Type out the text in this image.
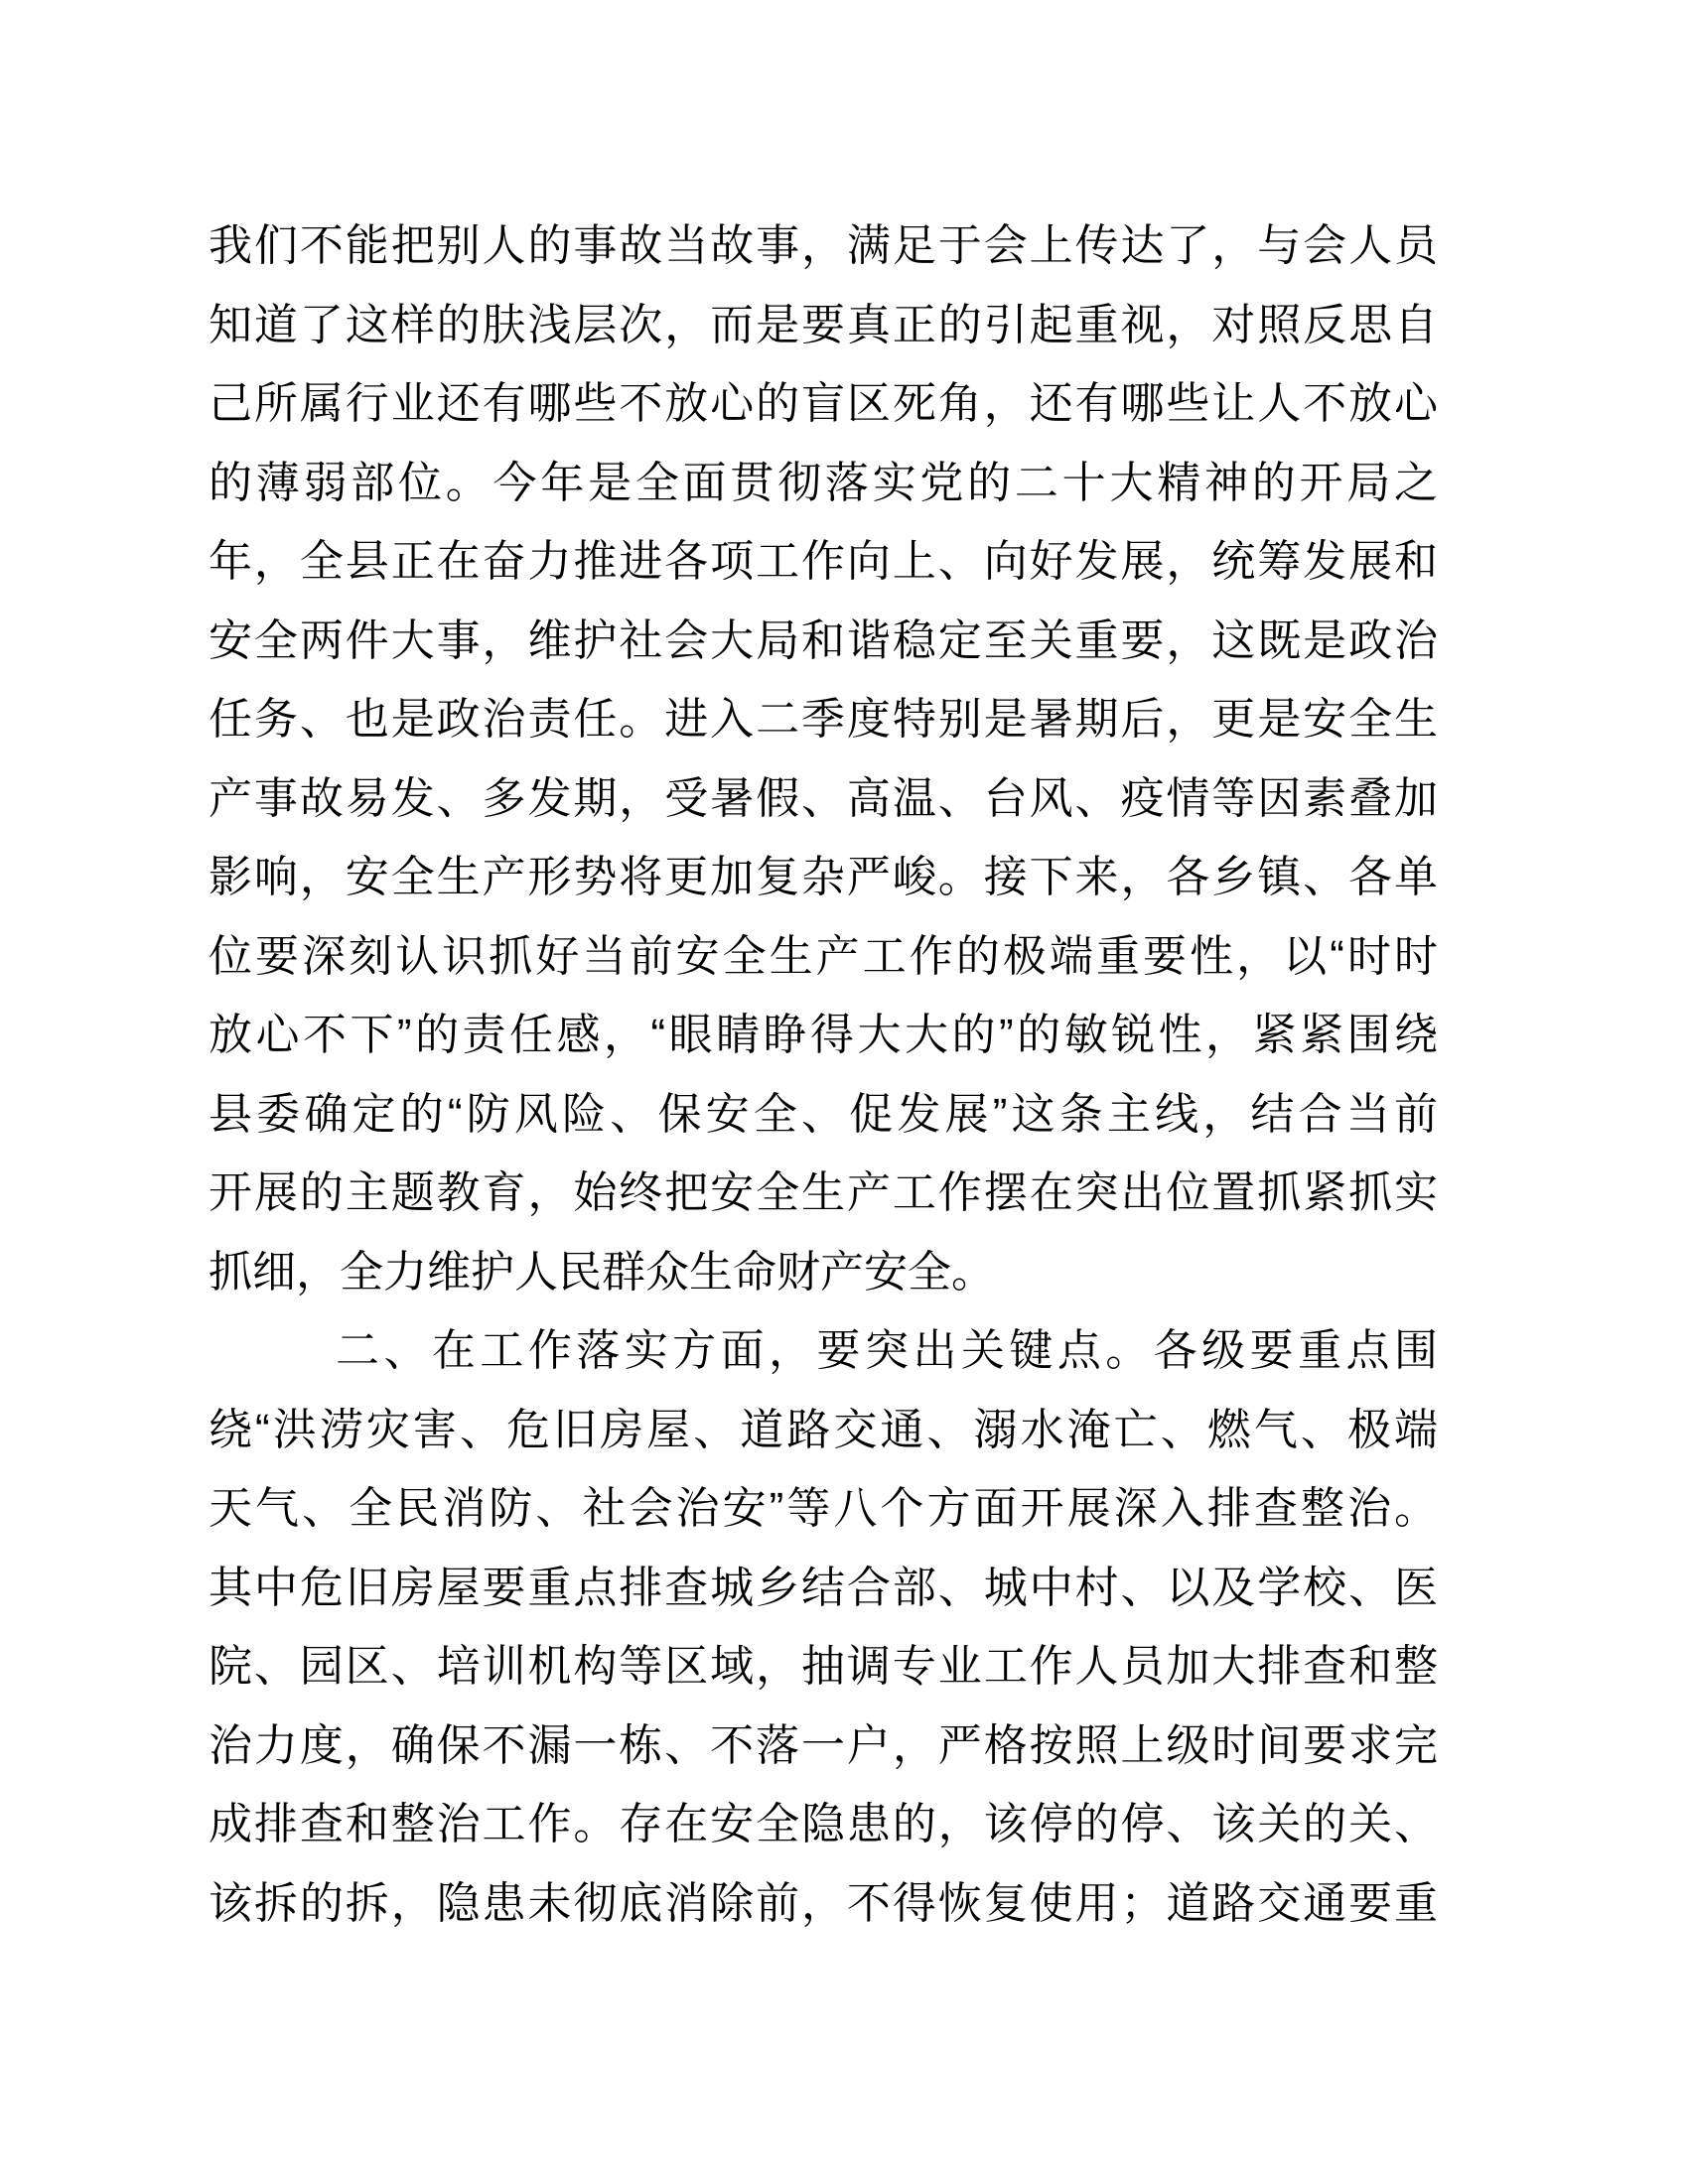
我们不能把别人的事故当故事，满足于会上传达了，与会人员

知道了这样的肤浅层次，而是要真正的引起重视，对照反思自

己所属行业还有哪些不放心的盲区死角，还有哪些让人不放心

的薄弱部位。今年是全面贯彻落实党的二十大精神的开局之

年，全县正在奋力推进各项工作向上、向好发展，统筹发展和

安全两件大事，维护社会大局和谐稳定至关重要，这既是政治

任务、也是政治责任。进入二季度特别是暑期后，更是安全生

产事故易发、多发期，受暑假、高温、台风、疫情等因素叠加

影响，安全生产形势将更加复杂严峻。接下来，各乡镇、各单

位要深刻认识抓好当前安全生产工作的极端重要性，以“时时

放心不下”的责任感，“眼睛睁得大大的”的敏锐性，紧紧围绕

县委确定的“防风险、保安全、促发展”这条主线，结合当前

开展的主题教育，始终把安全生产工作摆在突出位置抓紧抓实

抓细，全力维护人民群众生命财产安全。

二、在工作落实方面，要突出关键点。各级要重点围

绕“洪涝灾害、危旧房屋、道路交通、溺水淹亡、燃气、极端

天气、全民消防、社会治安”等八个方面开展深入排查整治。

其中危旧房屋要重点排查城乡结合部、城中村、以及学校、医

院、园区、培训机构等区域，抽调专业工作人员加大排查和整

治力度，确保不漏一栋、不落一户，严格按照上级时间要求完

成排查和整治工作。存在安全隐患的，该停的停、该关的关、

该拆的拆，隐患未彻底消除前，不得恢复使用；道路交通要重
